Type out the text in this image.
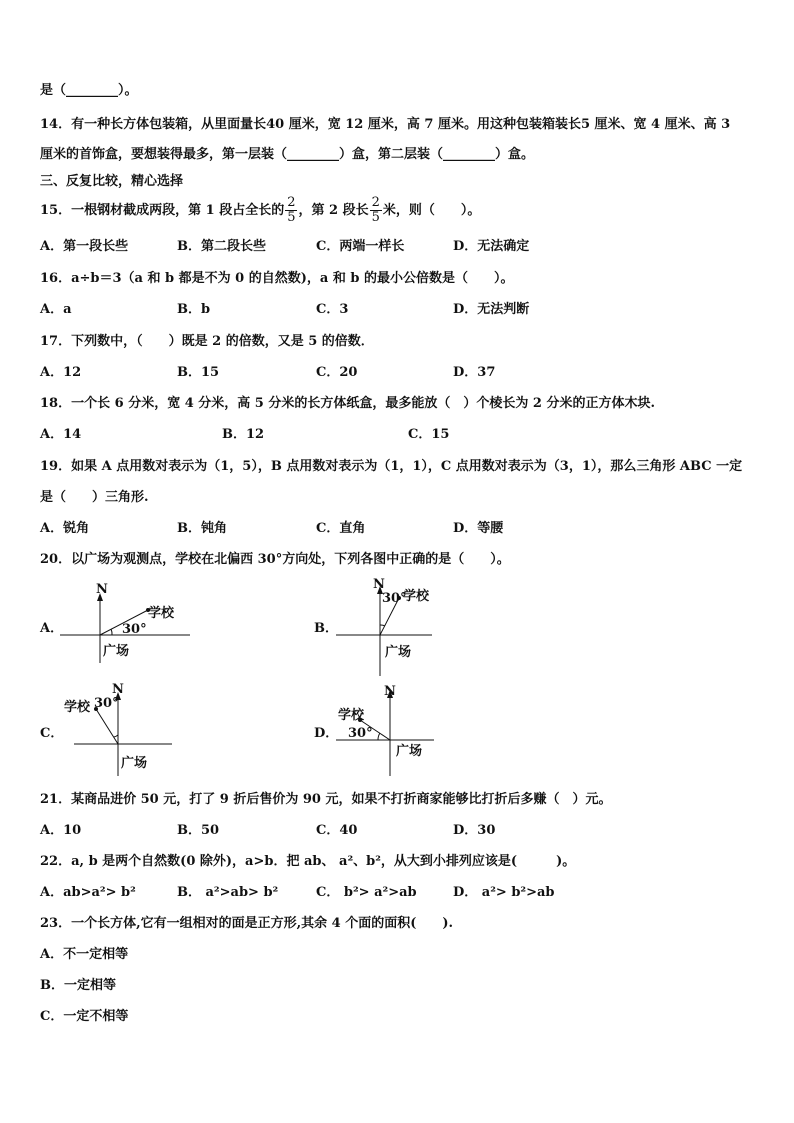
是（________）。
14．有一种长方体包装箱，从里面量长40 厘米，宽 12 厘米，高 7 厘米。用这种包装箱装长5 厘米、宽 4 厘米、高 3
厘米的首饰盒，要想装得最多，第一层装（________）盒，第二层装（________）盒。
三、反复比较，精心选择
15．一根钢材截成两段，第 1 段占全长的 $\frac{2}{5}$ ，第 2 段长 $\frac{2}{5}$ 米，则（　　）。
A．第一段长些	B．第二段长些	C．两端一样长	D．无法确定
16．a÷b＝3（a 和 b 都是不为 0 的自然数)，a 和 b 的最小公倍数是（　　）。
A．a	B．b	C．3	D．无法判断
17．下列数中，（　　）既是 2 的倍数，又是 5 的倍数．
A．12	B．15	C．20	D．37
18．一个长 6 分米，宽 4 分米，高 5 分米的长方体纸盒，最多能放（　）个棱长为 2 分米的正方体木块.
A．14	B．12	C．15
19．如果 A 点用数对表示为（1，5），B 点用数对表示为（1，1），C 点用数对表示为（3，1），那么三角形 ABC 一定
是（　　）三角形.
A．锐角	B．钝角	C．直角	D．等腰
20．以广场为观测点，学校在北偏西 30°方向处，下列各图中正确的是（　　）。
A．
N
学校
30°
广场
B．
N
学校
30°
广场
C．
N
学校 30°
广场
D．
N
学校
30°
广场
21．某商品进价 50 元，打了 9 折后售价为 90 元，如果不打折商家能够比打折后多赚（　）元。
A．10	B．50	C．40	D．30
22．a, b 是两个自然数(0 除外)，a>b．把 ab、 a²、b²，从大到小排列应该是(　　　)。
A．ab>a²> b²	B． a²>ab> b²	C． b²> a²>ab	D． a²> b²>ab
23．一个长方体,它有一组相对的面是正方形,其余 4 个面的面积(　　).
A．不一定相等
B．一定相等
C．一定不相等
